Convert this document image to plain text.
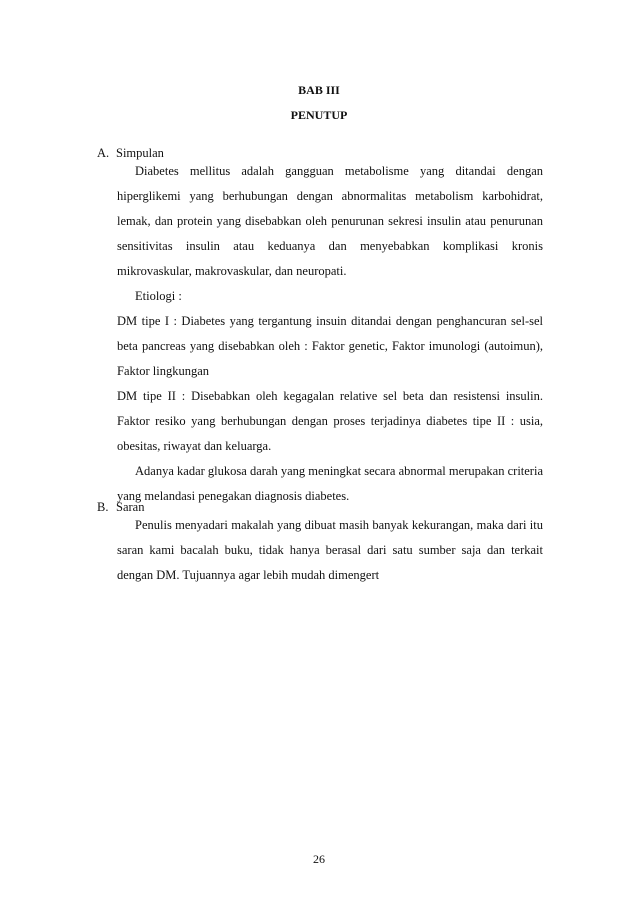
BAB III
PENUTUP
A. Simpulan

Diabetes mellitus adalah gangguan metabolisme yang ditandai dengan hiperglikemi yang berhubungan dengan abnormalitas metabolism karbohidrat, lemak, dan protein yang disebabkan oleh penurunan sekresi insulin atau penurunan sensitivitas insulin atau keduanya dan menyebabkan komplikasi kronis mikrovaskular, makrovaskular, dan neuropati.

Etiologi :

DM tipe I : Diabetes yang tergantung insuin ditandai dengan penghancuran sel-sel beta pancreas yang disebabkan oleh : Faktor genetic, Faktor imunologi (autoimun), Faktor lingkungan

DM tipe II : Disebabkan oleh kegagalan relative sel beta dan resistensi insulin. Faktor resiko yang berhubungan dengan proses terjadinya diabetes tipe II : usia, obesitas, riwayat dan keluarga.

Adanya kadar glukosa darah yang meningkat secara abnormal merupakan criteria yang melandasi penegakan diagnosis diabetes.

B. Saran

Penulis menyadari makalah yang dibuat masih banyak kekurangan, maka dari itu saran kami bacalah buku, tidak hanya berasal dari satu sumber saja dan terkait dengan DM. Tujuannya agar lebih mudah dimengert

26
